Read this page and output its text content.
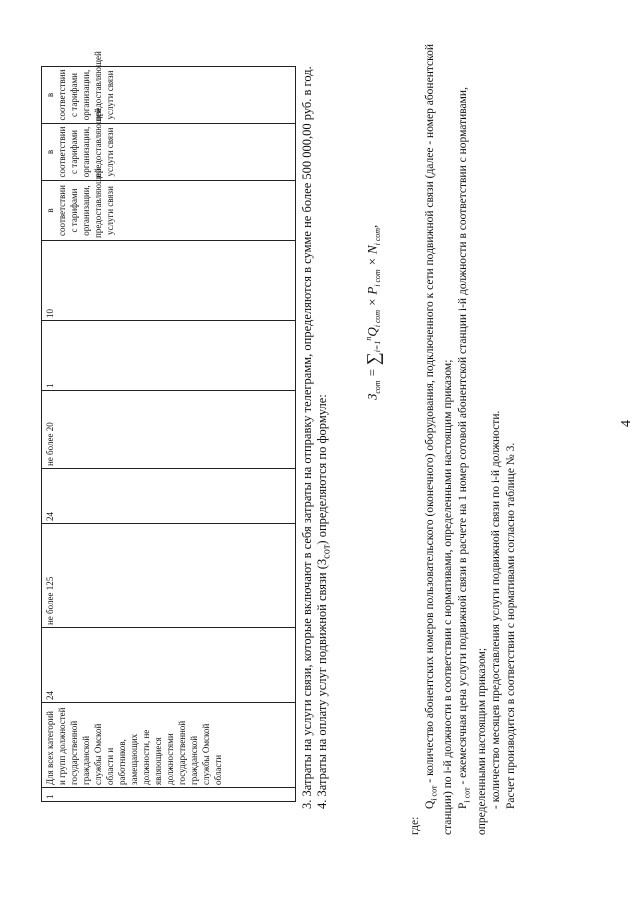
4
1	Для всех категорий и групп должностей государственной гражданской службы Омской области и работников, замещающих должности, не являющиеся должностями государственной гражданской службы Омской области	24	не более 125	24	не более 20	1	10	в соответствии с тарифами организации, предоставляющей услуги связи	в соответствии с тарифами организации, предоставляющей услуги связи	в соответствии с тарифами организации, предоставляющей услуги связи	3. Затраты на услуги связи, которые включают в себя затраты на отправку телеграмм, определяются в сумме не более 500 000,00 руб. в год. 4. Затраты на оплату услуг подвижной связи $(З_{сот})$ определяются по формуле:	$З_{сот} = \sum_{i=1}^nQ_{i сот} \times P_{i сот} \times N_{i сот}$,

где:

$Q_{i сот}$ - количество абонентских номеров пользовательского (оконечного) оборудования, подключенного к сети подвижной связи (далее - номер абонентской станции) по i-й должности в соответствии с нормативами, определенными настоящим приказом; $P_{i сот}$ - ежемесячная цена услуги подвижной связи в расчете на 1 номер сотовой абонентской станции i-й должности в соответствии с нормативами, определенными настоящим приказом; - количество месяцев предоставления услуги подвижной связи по i-й должности. Расчет производится в соответствии с нормативами согласно таблице № 3.
